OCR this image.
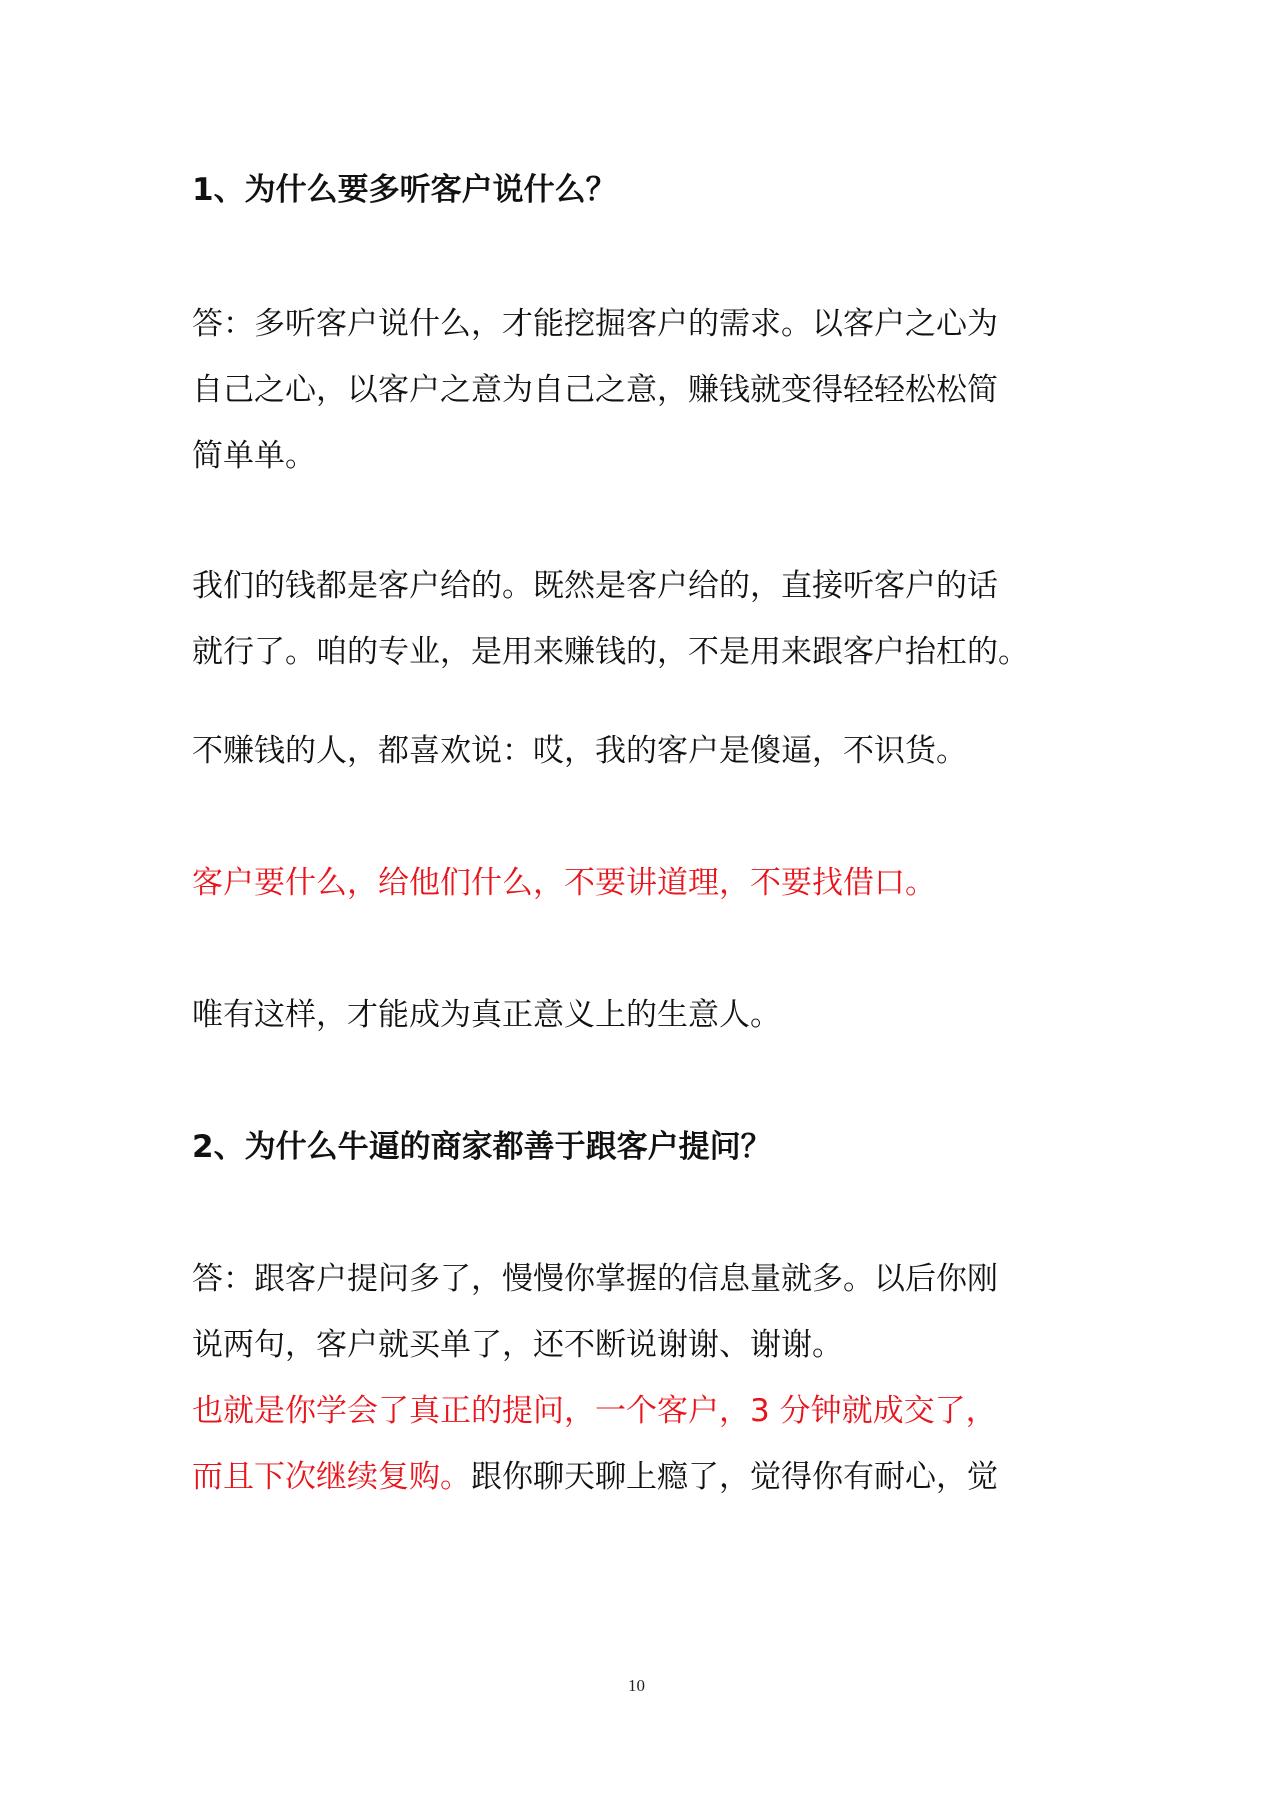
1、为什么要多听客户说什么？
答：多听客户说什么，才能挖掘客户的需求。以客户之心为
自己之心，以客户之意为自己之意，赚钱就变得轻轻松松简
简单单。
我们的钱都是客户给的。既然是客户给的，直接听客户的话
就行了。咱的专业，是用来赚钱的，不是用来跟客户抬杠的。
不赚钱的人，都喜欢说：哎，我的客户是傻逼，不识货。
客户要什么，给他们什么，不要讲道理，不要找借口。
唯有这样，才能成为真正意义上的生意人。
2、为什么牛逼的商家都善于跟客户提问？
答：跟客户提问多了，慢慢你掌握的信息量就多。以后你刚
说两句，客户就买单了，还不断说谢谢、谢谢。
也就是你学会了真正的提问，一个客户，3 分钟就成交了，
而且下次继续复购。跟你聊天聊上瘾了，觉得你有耐心，觉
10
